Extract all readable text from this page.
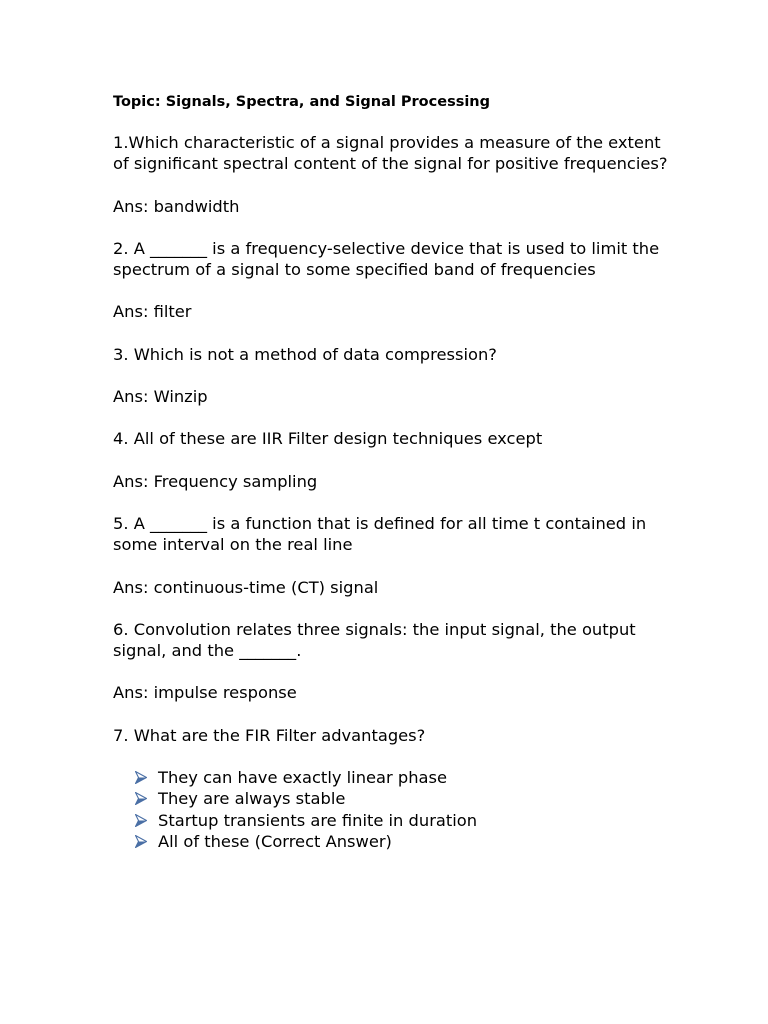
Topic: Signals, Spectra, and Signal Processing

1.Which characteristic of a signal provides a measure of the extent of significant spectral content of the signal for positive frequencies?

Ans: bandwidth

2. A _______ is a frequency-selective device that is used to limit the spectrum of a signal to some specified band of frequencies

Ans: filter

3. Which is not a method of data compression?

Ans: Winzip

4. All of these are IIR Filter design techniques except

Ans: Frequency sampling

5. A _______ is a function that is defined for all time t contained in some interval on the real line

Ans: continuous-time (CT) signal

6. Convolution relates three signals: the input signal, the output signal, and the _______.

Ans: impulse response

7. What are the FIR Filter advantages?

They can have exactly linear phase
They are always stable
Startup transients are finite in duration
All of these (Correct Answer)
